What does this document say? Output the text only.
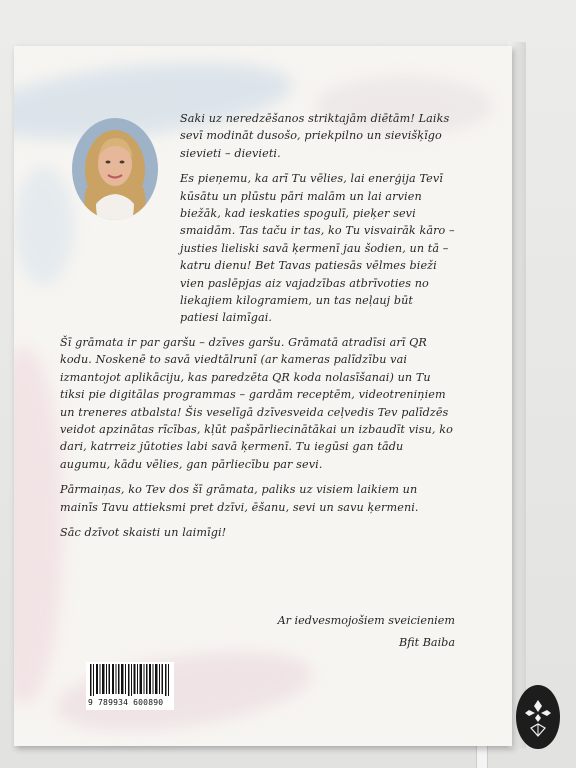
Saki uz neredzēšanos striktajām diētām! Laiks sevī modināt dusošo, priekpilno un sievišķīgo sievieti – dievieti.

Es pieņemu, ka arī Tu vēlies, lai enerģija Tevī kūsātu un plūstu pāri malām un lai arvien biežāk, kad ieskaties spogulī, pieķer sevi smaidām. Tas taču ir tas, ko Tu visvairāk kāro – justies lieliski savā ķermenī jau šodien, un tā – katru dienu! Bet Tavas patiesās vēlmes bieži vien paslēpjas aiz vajadzības atbrīvoties no liekajiem kilogramiem, un tas neļauj būt patiesi laimīgai.

Šī grāmata ir par garšu – dzīves garšu. Grāmatā atradīsi arī QR kodu. Noskenē to savā viedtālrunī (ar kameras palīdzību vai izmantojot aplikāciju, kas paredzēta QR koda nolasīšanai) un Tu tiksi pie digitālas programmas – gardām receptēm, videotreniņiem un treneres atbalsta! Šis veselīgā dzīvesveida ceļvedis Tev palīdzēs veidot apzinātas rīcības, kļūt pašpārliecinātākai un izbaudīt visu, ko dari, katrreiz jūtoties labi savā ķermenī. Tu iegūsi gan tādu augumu, kādu vēlies, gan pārliecību par sevi.

Pārmaiņas, ko Tev dos šī grāmata, paliks uz visiem laikiem un mainīs Tavu attieksmi pret dzīvi, ēšanu, sevi un savu ķermeni.

Sāc dzīvot skaisti un laimīgi!

Ar iedvesmojošiem sveicieniem
Bfit Baiba
9 789934 600890
